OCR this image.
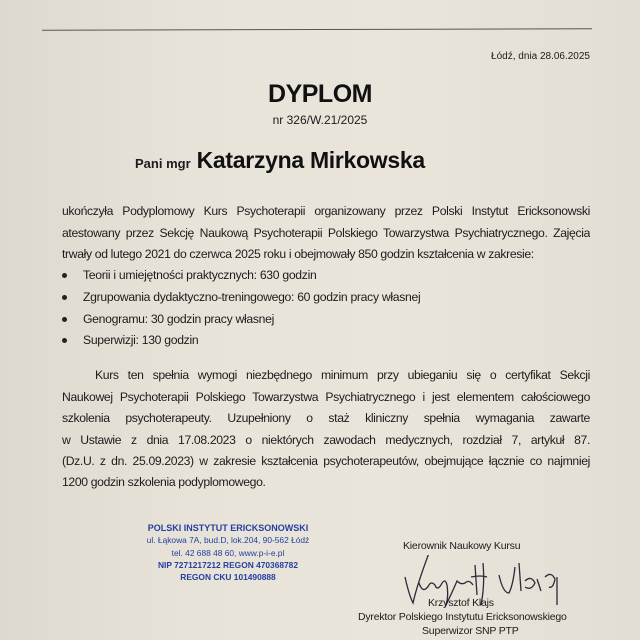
Łódź, dnia 28.06.2025
DYPLOM
nr 326/W.21/2025
Pani mgr Katarzyna Mirkowska
ukończyła Podyplomowy Kurs Psychoterapii organizowany przez Polski Instytut Ericksonowski
atestowany przez Sekcję Naukową Psychoterapii Polskiego Towarzystwa Psychiatrycznego. Zajęcia
trwały od lutego 2021 do czerwca 2025 roku i obejmowały 850 godzin kształcenia w zakresie:
Teorii i umiejętności praktycznych: 630 godzin
Zgrupowania dydaktyczno-treningowego: 60 godzin pracy własnej
Genogramu: 30 godzin pracy własnej
Superwizji: 130 godzin
Kurs ten spełnia wymogi niezbędnego minimum przy ubieganiu się o certyfikat Sekcji
Naukowej Psychoterapii Polskiego Towarzystwa Psychiatrycznego i jest elementem całościowego
szkolenia psychoterapeuty. Uzupełniony o staż kliniczny spełnia wymagania zawarte
w Ustawie z dnia 17.08.2023 o niektórych zawodach medycznych, rozdział 7, artykuł 87.
(Dz.U. z dn. 25.09.2023) w zakresie kształcenia psychoterapeutów, obejmujące łącznie co najmniej
1200 godzin szkolenia podyplomowego.
POLSKI INSTYTUT ERICKSONOWSKI
ul. Łąkowa 7A, bud.D, lok.204, 90-562 Łódź
tel. 42 688 48 60, www.p-i-e.pl
NIP 7271217212 REGON 470368782
REGON CKU 101490888
Kierownik Naukowy Kursu
Krzysztof Klajs
Dyrektor Polskiego Instytutu Ericksonowskiego
Superwizor SNP PTP
